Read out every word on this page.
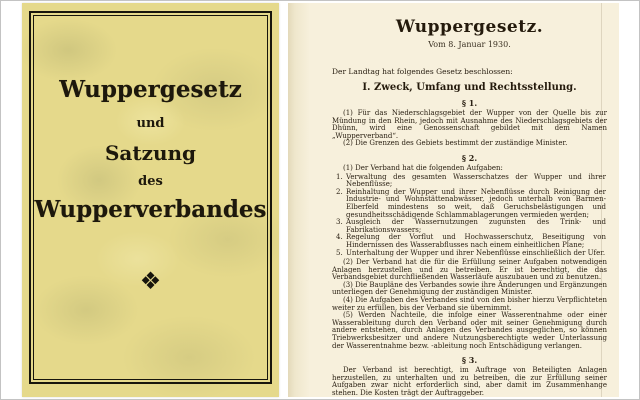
Wuppergesetz
und
Satzung
des
Wupperverbandes
❖
Wuppergesetz.
Vom 8. Januar 1930.
Der Landtag hat folgendes Gesetz beschlossen:
I. Zweck, Umfang und Rechtsstellung.
§ 1.
(1) Für das Niederschlagsgebiet der Wupper von der Quelle bis zur Mündung in den Rhein, jedoch mit Ausnahme des Niederschlagsgebiets der Dhünn, wird eine Genossenschaft gebildet mit dem Namen „Wupperverband“.
(2) Die Grenzen des Gebiets bestimmt der zuständige Minister.
§ 2.
(1) Der Verband hat die folgenden Aufgaben:
1. Verwaltung des gesamten Wasserschatzes der Wupper und ihrer Nebenflüsse;
2. Reinhaltung der Wupper und ihrer Nebenflüsse durch Reinigung der Industrie- und Wohnstättenabwässer, jedoch unterhalb von Barmen-Elberfeld mindestens so weit, daß Geruchsbelästigungen und gesundheitsschädigende Schlammablagerungen vermieden werden;
3. Ausgleich der Wassernutzungen zugunsten des Trink- und Fabrikationswassers;
4. Regelung der Vorflut und Hochwasserschutz, Beseitigung von Hindernissen des Wasserabflusses nach einem einheitlichen Plane;
5. Unterhaltung der Wupper und ihrer Nebenflüsse einschließlich der Ufer.
(2) Der Verband hat die für die Erfüllung seiner Aufgaben notwendigen Anlagen herzustellen und zu betreiben. Er ist berechtigt, die das Verbandsgebiet durchfließenden Wasserläufe auszubauen und zu benutzen.
(3) Die Baupläne des Verbandes sowie ihre Änderungen und Ergänzungen unterliegen der Genehmigung der zuständigen Minister.
(4) Die Aufgaben des Verbandes sind von den bisher hierzu Verpflichteten weiter zu erfüllen, bis der Verband sie übernimmt.
(5) Werden Nachteile, die infolge einer Wasserentnahme oder einer Wasserableitung durch den Verband oder mit seiner Genehmigung durch andere entstehen, durch Anlagen des Verbandes ausgeglichen, so können Triebwerksbesitzer und andere Nutzungsberechtigte weder Unterlassung der Wasserentnahme bezw. -ableitung noch Entschädigung verlangen.
§ 3.
Der Verband ist berechtigt, im Auftrage von Beteiligten Anlagen herzustellen, zu unterhalten und zu betreiben, die zur Erfüllung seiner Aufgaben zwar nicht erforderlich sind, aber damit im Zusammenhange stehen. Die Kosten trägt der Auftraggeber.
